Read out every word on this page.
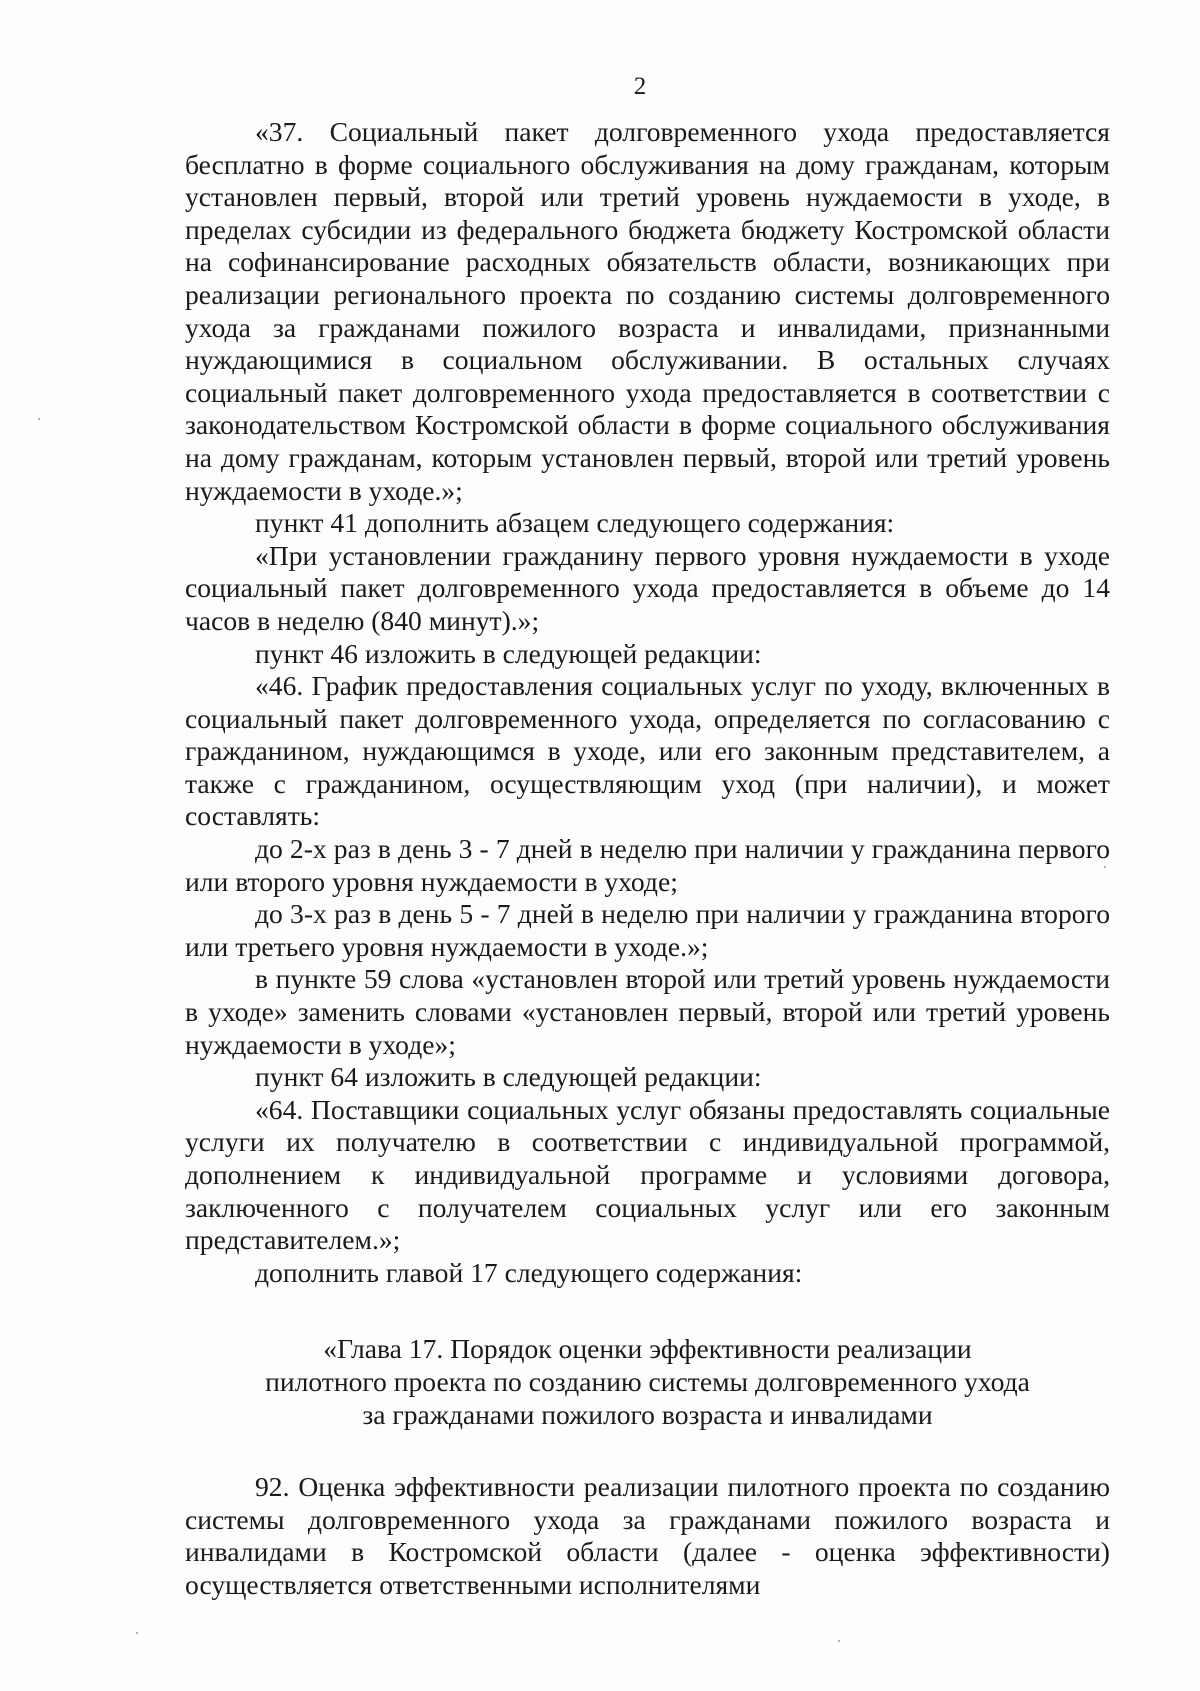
2

«37. Социальный пакет долговременного ухода предоставляется бесплатно в форме социального обслуживания на дому гражданам, которым установлен первый, второй или третий уровень нуждаемости в уходе, в пределах субсидии из федерального бюджета бюджету Костромской области на софинансирование расходных обязательств области, возникающих при реализации регионального проекта по созданию системы долговременного ухода за гражданами пожилого возраста и инвалидами, признанными нуждающимися в социальном обслуживании. В остальных случаях социальный пакет долговременного ухода предоставляется в соответствии с законодательством Костромской области в форме социального обслуживания на дому гражданам, которым установлен первый, второй или третий уровень нуждаемости в уходе.»;

пункт 41 дополнить абзацем следующего содержания:

«При установлении гражданину первого уровня нуждаемости в уходе социальный пакет долговременного ухода предоставляется в объеме до 14 часов в неделю (840 минут).»;

пункт 46 изложить в следующей редакции:

«46. График предоставления социальных услуг по уходу, включенных в социальный пакет долговременного ухода, определяется по согласованию с гражданином, нуждающимся в уходе, или его законным представителем, а также с гражданином, осуществляющим уход (при наличии), и может составлять:

до 2-х раз в день 3 - 7 дней в неделю при наличии у гражданина первого или второго уровня нуждаемости в уходе;

до 3-х раз в день 5 - 7 дней в неделю при наличии у гражданина второго или третьего уровня нуждаемости в уходе.»;

в пункте 59 слова «установлен второй или третий уровень нуждаемости в уходе» заменить словами «установлен первый, второй или третий уровень нуждаемости в уходе»;

пункт 64 изложить в следующей редакции:

«64. Поставщики социальных услуг обязаны предоставлять социальные услуги их получателю в соответствии с индивидуальной программой, дополнением к индивидуальной программе и условиями договора, заключенного с получателем социальных услуг или его законным представителем.»;

дополнить главой 17 следующего содержания:

«Глава 17. Порядок оценки эффективности реализации
пилотного проекта по созданию системы долговременного ухода
за гражданами пожилого возраста и инвалидами

92. Оценка эффективности реализации пилотного проекта по созданию системы долговременного ухода за гражданами пожилого возраста и инвалидами в Костромской области (далее - оценка эффективности) осуществляется ответственными исполнителями
